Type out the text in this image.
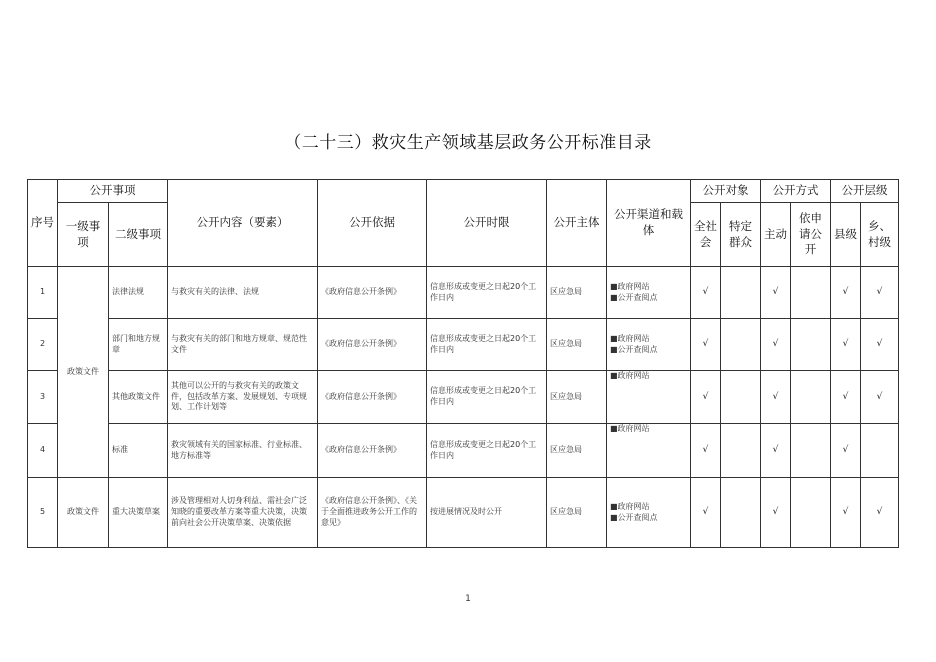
（二十三）救灾生产领域基层政务公开标准目录
序号	公开事项		公开内容（要素）	公开依据	公开时限	公开主体	公开渠道和载体	公开对象		公开方式		公开层级	
	一级事项	二级事项						全社会	特定群众	主动	依申请公开	县级	乡、村级
1	政策文件	法律法规	与救灾有关的法律、法规	《政府信息公开条例》	信息形成或变更之日起20个工作日内	区应急局	■政府网站
■公开查阅点	√		√		√	√
2		部门和地方规章	与救灾有关的部门和地方规章、规范性文件	《政府信息公开条例》	信息形成或变更之日起20个工作日内	区应急局	■政府网站
■公开查阅点	√		√		√	√
3		其他政策文件	其他可以公开的与救灾有关的政策文件，包括改革方案、发展规划、专项规划、工作计划等	《政府信息公开条例》	信息形成或变更之日起20个工作日内	区应急局	■政府网站	√		√		√	√
4		标准	救灾领域有关的国家标准、行业标准、地方标准等	《政府信息公开条例》	信息形成或变更之日起20个工作日内	区应急局	■政府网站	√		√		√	
5	政策文件	重大决策草案	涉及管理相对人切身利益、需社会广泛知晓的重要改革方案等重大决策，决策前向社会公开决策草案、决策依据	《政府信息公开条例》、《关于全面推进政务公开工作的意见》	按进展情况及时公开	区应急局	■政府网站
■公开查阅点	√		√		√	√
1
